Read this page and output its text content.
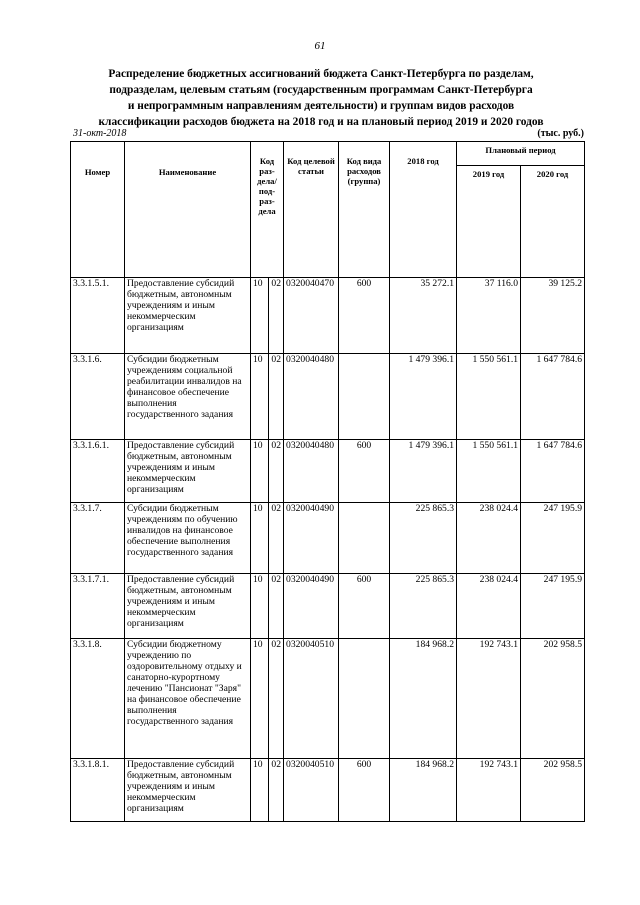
61
Распределение бюджетных ассигнований бюджета Санкт-Петербурга по разделам,
подразделам, целевым статьям (государственным программам Санкт-Петербурга
и непрограммным направлениям деятельности) и группам видов расходов
классификации расходов бюджета на 2018 год и на плановый период 2019 и 2020 годов
31-окт-2018	(тыс. руб.)
Номер	Наименование	Код раз- дела/ под- раз- дела		Код целевой статьи	Код вида расходов (группа)	2018 год	Плановый период	
							2019 год	2020 год
3.3.1.5.1.	Предоставление субсидий бюджетным, автономным учреждениям и иным некоммерческим организациям	10	02	0320040470	600	35 272.1	37 116.0	39 125.2
3.3.1.6.	Субсидии бюджетным учреждениям социальной реабилитации инвалидов на финансовое обеспечение выполнения государственного задания	10	02	0320040480		1 479 396.1	1 550 561.1	1 647 784.6
3.3.1.6.1.	Предоставление субсидий бюджетным, автономным учреждениям и иным некоммерческим организациям	10	02	0320040480	600	1 479 396.1	1 550 561.1	1 647 784.6
3.3.1.7.	Субсидии бюджетным учреждениям по обучению инвалидов на финансовое обеспечение выполнения государственного задания	10	02	0320040490		225 865.3	238 024.4	247 195.9
3.3.1.7.1.	Предоставление субсидий бюджетным, автономным учреждениям и иным некоммерческим организациям	10	02	0320040490	600	225 865.3	238 024.4	247 195.9
3.3.1.8.	Субсидии бюджетному учреждению по оздоровительному отдыху и санаторно-курортному лечению "Пансионат "Заря" на финансовое обеспечение выполнения государственного задания	10	02	0320040510		184 968.2	192 743.1	202 958.5
3.3.1.8.1.	Предоставление субсидий бюджетным, автономным учреждениям и иным некоммерческим организациям	10	02	0320040510	600	184 968.2	192 743.1	202 958.5
